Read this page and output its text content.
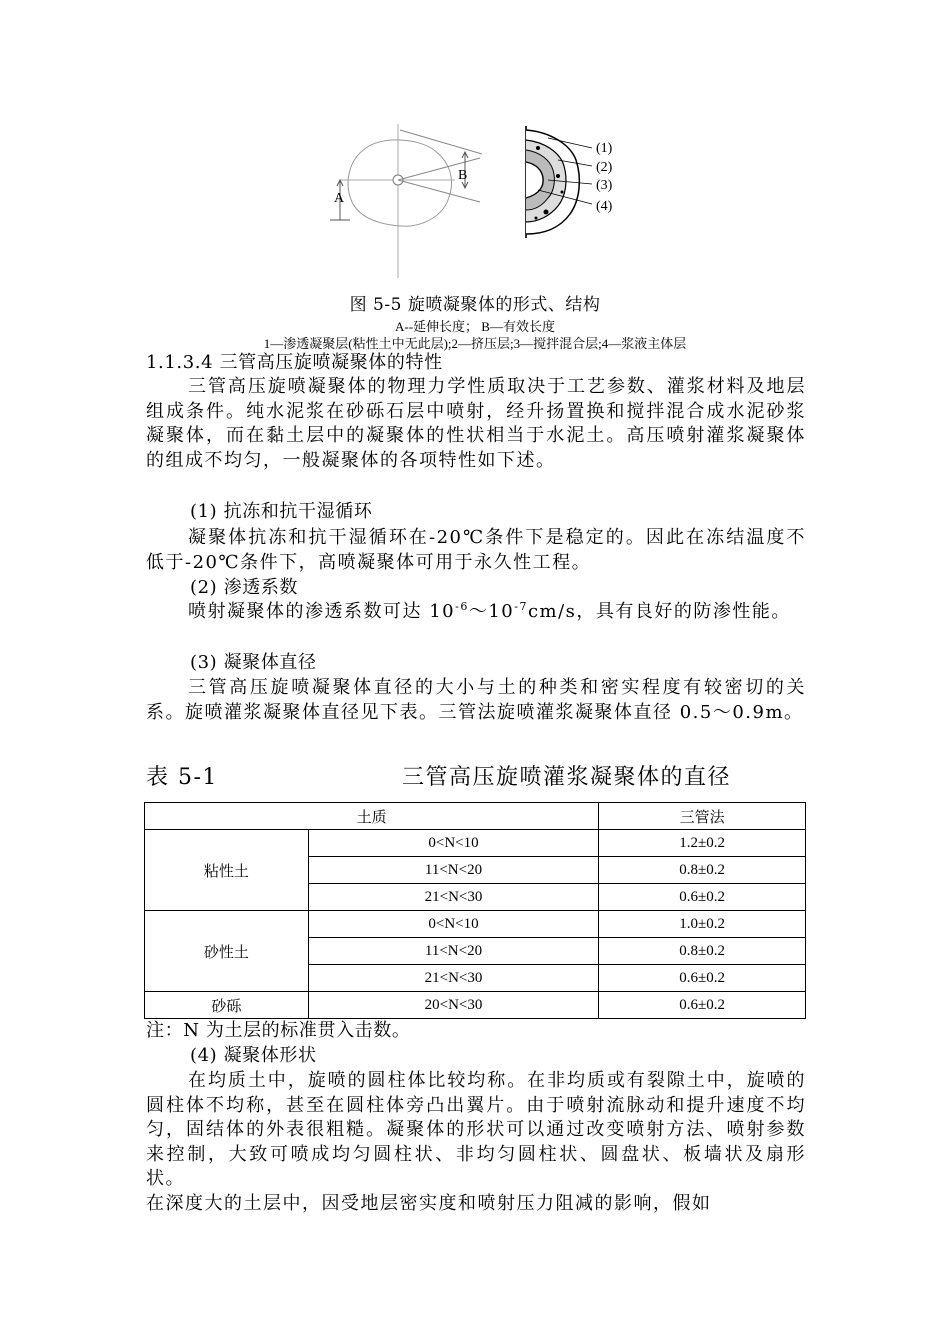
B
A
(1)
(2)
(3)
(4)
图 5-5 旋喷凝聚体的形式、结构
A--延伸长度； B—有效长度
1—渗透凝聚层(粘性土中无此层);2—挤压层;3—搅拌混合层;4—浆液主体层
1.1.3.4 三管高压旋喷凝聚体的特性
三管高压旋喷凝聚体的物理力学性质取决于工艺参数、灌浆材料及地层组成条件。纯水泥浆在砂砾石层中喷射，经升扬置换和搅拌混合成水泥砂浆凝聚体，而在黏土层中的凝聚体的性状相当于水泥土。高压喷射灌浆凝聚体的组成不均匀，一般凝聚体的各项特性如下述。
(1) 抗冻和抗干湿循环
凝聚体抗冻和抗干湿循环在-20℃条件下是稳定的。因此在冻结温度不低于-20℃条件下，高喷凝聚体可用于永久性工程。
(2) 渗透系数
喷射凝聚体的渗透系数可达 $10^{-6}\sim 10^{-7}cm/s$，具有良好的防渗性能。
(3) 凝聚体直径
三管高压旋喷凝聚体直径的大小与土的种类和密实程度有较密切的关系。旋喷灌浆凝聚体直径见下表。三管法旋喷灌浆凝聚体直径 0.5～0.9m。
表 5-1	三管高压旋喷灌浆凝聚体的直径
土质		三管法
粘性土	0<N<10	1.2±0.2
	11<N<20	0.8±0.2
	21<N<30	0.6±0.2
砂性土	0<N<10	1.0±0.2
	11<N<20	0.8±0.2
	21<N<30	0.6±0.2
砂砾	20<N<30	0.6±0.2
注：N 为土层的标准贯入击数。
(4) 凝聚体形状
在均质土中，旋喷的圆柱体比较均称。在非均质或有裂隙土中，旋喷的圆柱体不均称，甚至在圆柱体旁凸出翼片。由于喷射流脉动和提升速度不均匀，固结体的外表很粗糙。凝聚体的形状可以通过改变喷射方法、喷射参数来控制，大致可喷成均匀圆柱状、非均匀圆柱状、圆盘状、板墙状及扇形状。
在深度大的土层中，因受地层密实度和喷射压力阻减的影响，假如
